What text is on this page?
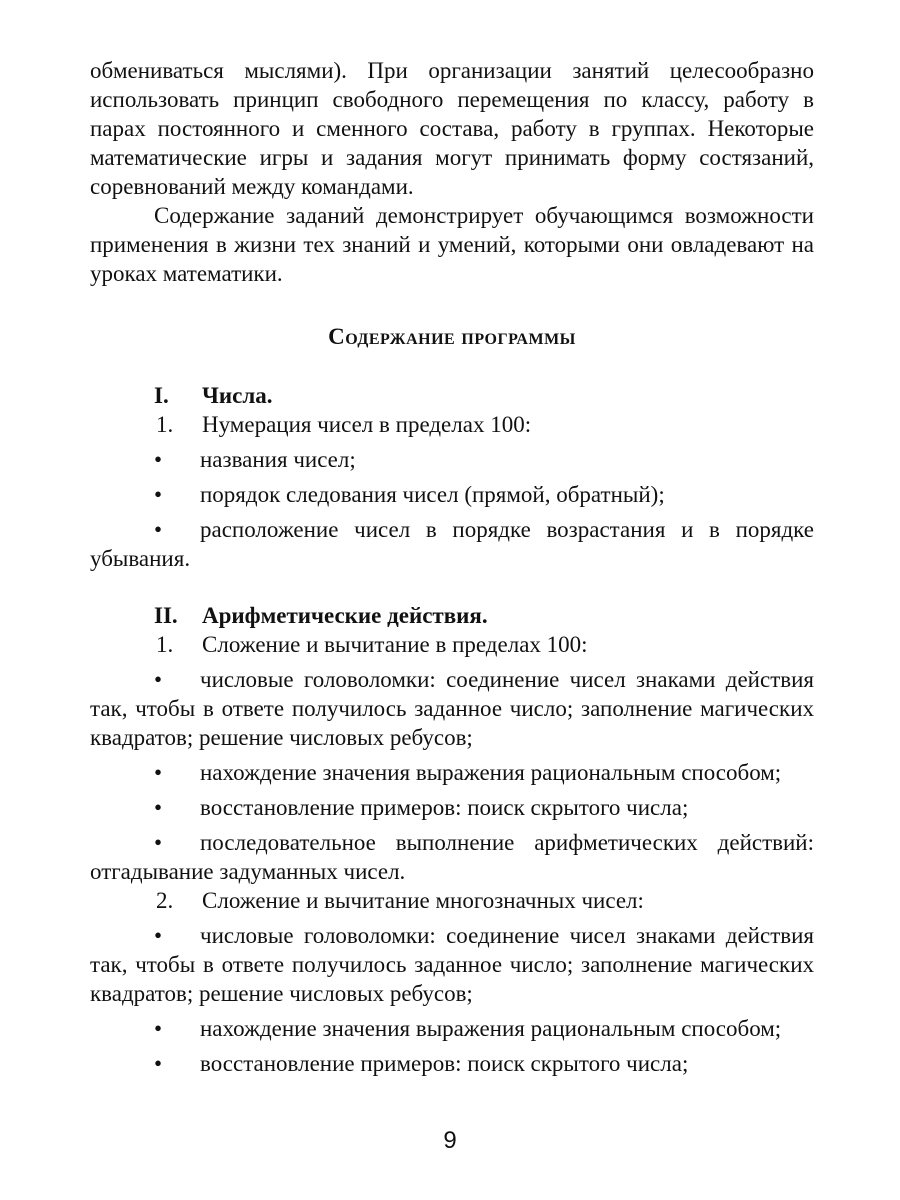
обмениваться мыслями). При организации занятий целесообразно использовать принцип свободного перемещения по классу, работу в парах постоянного и сменного состава, работу в группах. Некоторые математические игры и задания могут принимать форму состязаний, соревнований между командами.

Содержание заданий демонстрирует обучающимся возможности применения в жизни тех знаний и умений, которыми они овладевают на уроках математики.

Содержание программы
I.	Числа.
1.	Нумерация чисел в пределах 100:

• названия чисел;

• порядок следования чисел (прямой, обратный);

• расположение чисел в порядке возрастания и в порядке убывания.

II.	Арифметические действия.
1.	Сложение и вычитание в пределах 100:

• числовые головоломки: соединение чисел знаками действия так, чтобы в ответе получилось заданное число; заполнение магических квадратов; решение числовых ребусов;

• нахождение значения выражения рациональным способом;

• восстановление примеров: поиск скрытого числа;

• последовательное выполнение арифметических действий: отгадывание задуманных чисел.

2.	Сложение и вычитание многозначных чисел:

• числовые головоломки: соединение чисел знаками действия так, чтобы в ответе получилось заданное число; заполнение магических квадратов; решение числовых ребусов;

• нахождение значения выражения рациональным способом;

• восстановление примеров: поиск скрытого числа;

9
